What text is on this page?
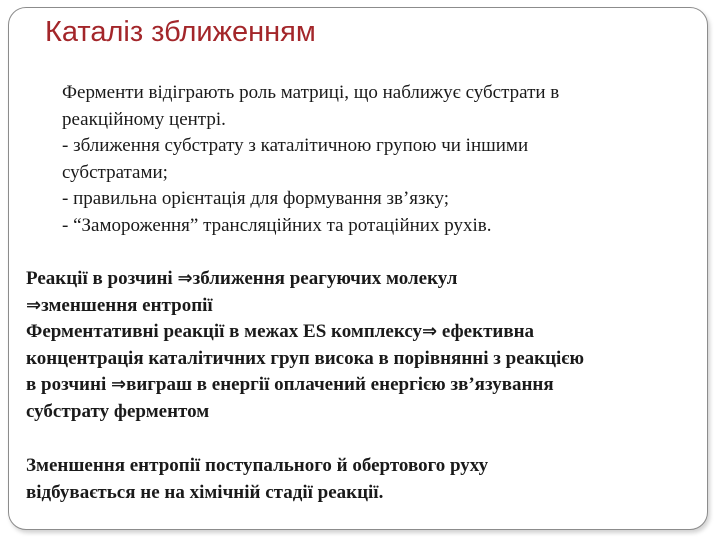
Каталіз зближенням
Ферменти відіграють роль матриці, що наближує субстрати в
реакційному центрі.
- зближення субстрату з каталітичною групою чи іншими
субстратами;
- правильна орієнтація для формування зв’язку;
- “Замороження” трансляційних та ротаційних рухів.
Реакції в розчині ⇒зближення реагуючих молекул
⇒зменшення ентропії
Ферментативні реакції в межах ES комплексу⇒ ефективна
концентрація каталітичних груп висока в порівнянні з реакцією
в розчині ⇒виграш в енергії оплачений енергією зв’язування
субстрату ферментом
Зменшення ентропії поступального й обертового руху
відбувається не на хімічній стадії реакції.
